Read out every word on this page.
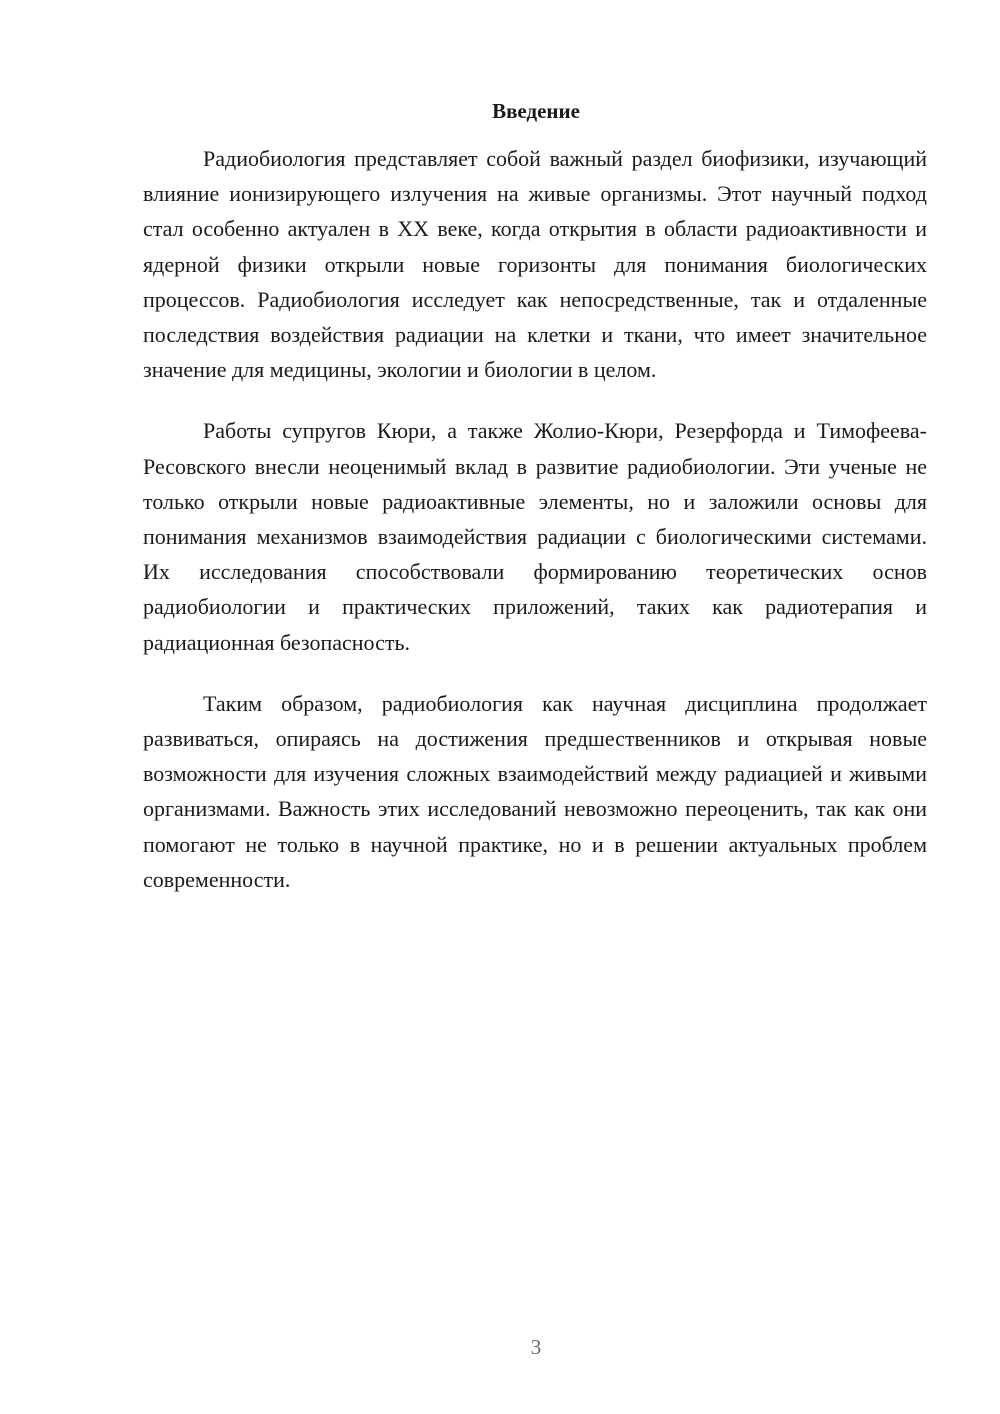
Введение

Радиобиология представляет собой важный раздел биофизики, изучающий влияние ионизирующего излучения на живые организмы. Этот научный подход стал особенно актуален в XX веке, когда открытия в области радиоактивности и ядерной физики открыли новые горизонты для понимания биологических процессов. Радиобиология исследует как непосредственные, так и отдаленные последствия воздействия радиации на клетки и ткани, что имеет значительное значение для медицины, экологии и биологии в целом.

Работы супругов Кюри, а также Жолио-Кюри, Резерфорда и Тимофеева-Ресовского внесли неоценимый вклад в развитие радиобиологии. Эти ученые не только открыли новые радиоактивные элементы, но и заложили основы для понимания механизмов взаимодействия радиации с биологическими системами. Их исследования способствовали формированию теоретических основ радиобиологии и практических приложений, таких как радиотерапия и радиационная безопасность.

Таким образом, радиобиология как научная дисциплина продолжает развиваться, опираясь на достижения предшественников и открывая новые возможности для изучения сложных взаимодействий между радиацией и живыми организмами. Важность этих исследований невозможно переоценить, так как они помогают не только в научной практике, но и в решении актуальных проблем современности.

3
